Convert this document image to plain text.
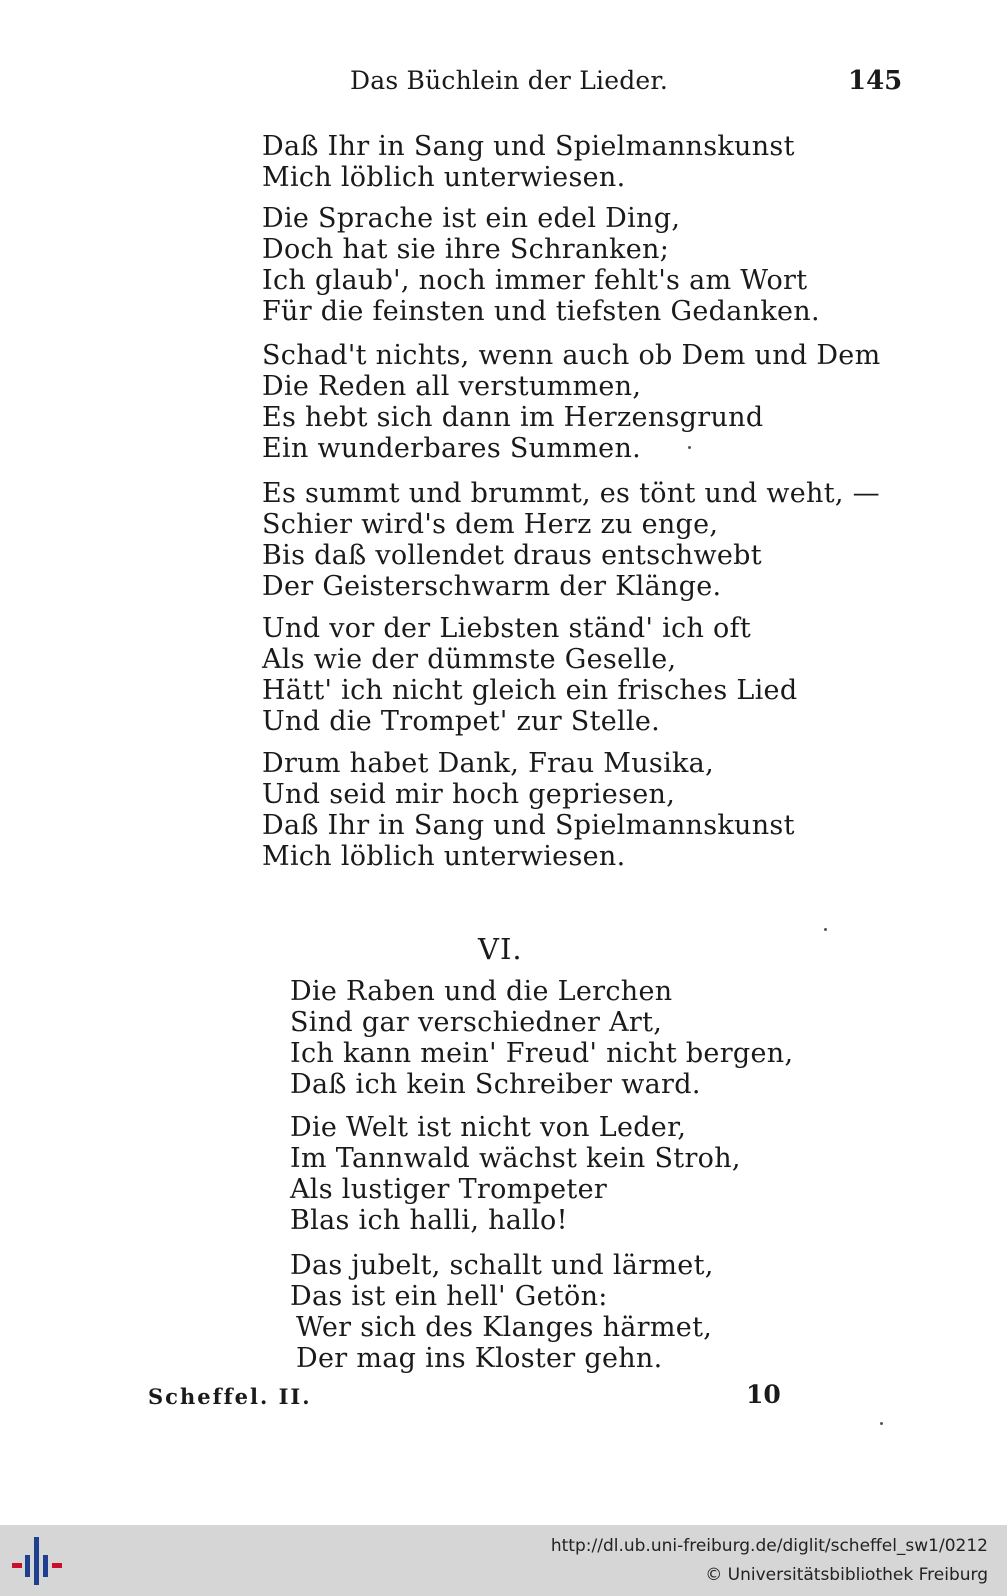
Das Büchlein der Lieder.	145
Daß Ihr in Sang und Spielmannskunst
Mich löblich unterwiesen.
Die Sprache ist ein edel Ding,
Doch hat sie ihre Schranken;
Ich glaub', noch immer fehlt's am Wort
Für die feinsten und tiefsten Gedanken.
Schad't nichts, wenn auch ob Dem und Dem
Die Reden all verstummen,
Es hebt sich dann im Herzensgrund
Ein wunderbares Summen.
Es summt und brummt, es tönt und weht, —
Schier wird's dem Herz zu enge,
Bis daß vollendet draus entschwebt
Der Geisterschwarm der Klänge.
Und vor der Liebsten ständ' ich oft
Als wie der dümmste Geselle,
Hätt' ich nicht gleich ein frisches Lied
Und die Trompet' zur Stelle.
Drum habet Dank, Frau Musika,
Und seid mir hoch gepriesen,
Daß Ihr in Sang und Spielmannskunst
Mich löblich unterwiesen.
VI.
Die Raben und die Lerchen
Sind gar verschiedner Art,
Ich kann mein' Freud' nicht bergen,
Daß ich kein Schreiber ward.
Die Welt ist nicht von Leder,
Im Tannwald wächst kein Stroh,
Als lustiger Trompeter
Blas ich halli, hallo!
Das jubelt, schallt und lärmet,
Das ist ein hell' Getön:
Wer sich des Klanges härmet,
Der mag ins Kloster gehn.
Scheffel. II.	10
http://dl.ub.uni-freiburg.de/diglit/scheffel_sw1/0212
© Universitätsbibliothek Freiburg
